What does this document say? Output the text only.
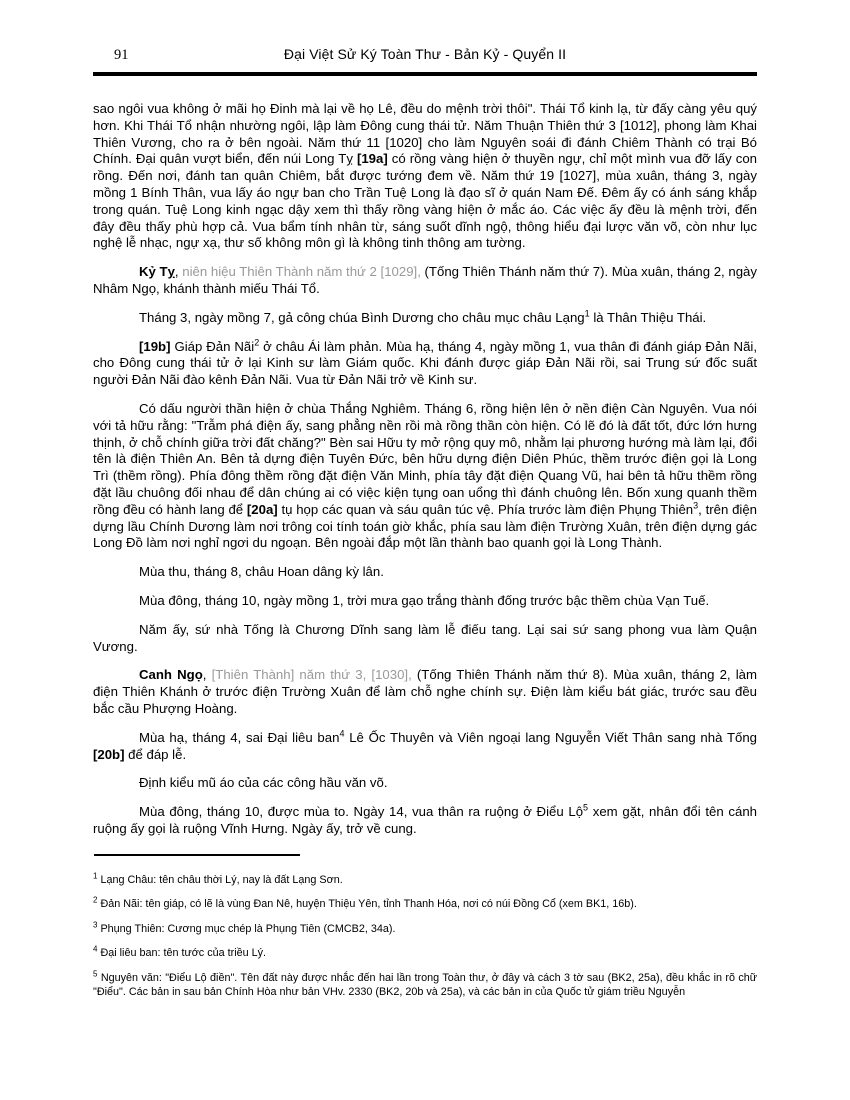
91	Đại Việt Sử Ký Toàn Thư - Bản Kỷ - Quyển II

sao ngôi vua không ở mãi họ Đinh mà lại về họ Lê, đều do mệnh trời thôi". Thái Tổ kinh lạ, từ đấy càng yêu quý hơn. Khi Thái Tổ nhận nhường ngôi, lập làm Đông cung thái tử. Năm Thuận Thiên thứ 3 [1012], phong làm Khai Thiên Vương, cho ra ở bên ngoài. Năm thứ 11 [1020] cho làm Nguyên soái đi đánh Chiêm Thành có trại Bó Chính. Đại quân vượt biển, đến núi Long Tỵ [19a] có rồng vàng hiện ở thuyền ngự, chỉ một mình vua đỡ lấy con rồng. Đến nơi, đánh tan quân Chiêm, bắt được tướng đem về. Năm thứ 19 [1027], mùa xuân, tháng 3, ngày mồng 1 Bính Thân, vua lấy áo ngự ban cho Trần Tuệ Long là đạo sĩ ở quán Nam Đế. Đêm ấy có ánh sáng khắp trong quán. Tuệ Long kinh ngạc dậy xem thì thấy rồng vàng hiện ở mắc áo. Các việc ấy đều là mệnh trời, đến đây đều thấy phù hợp cả. Vua bẩm tính nhân từ, sáng suốt dĩnh ngộ, thông hiểu đại lược văn võ, còn như lục nghệ lễ nhạc, ngự xạ, thư số không môn gì là không tinh thông am tường.

Kỷ Tỵ, niên hiệu Thiên Thành năm thứ 2 [1029], (Tống Thiên Thánh năm thứ 7). Mùa xuân, tháng 2, ngày Nhâm Ngọ, khánh thành miếu Thái Tổ.

Tháng 3, ngày mồng 7, gả công chúa Bình Dương cho châu mục châu Lạng$^1$ là Thân Thiệu Thái.

[19b] Giáp Đản Nãi$^2$ ở châu Ái làm phản. Mùa hạ, tháng 4, ngày mồng 1, vua thân đi đánh giáp Đản Nãi, cho Đông cung thái tử ở lại Kinh sư làm Giám quốc. Khi đánh được giáp Đản Nãi rồi, sai Trung sứ đốc suất người Đản Nãi đào kênh Đản Nãi. Vua từ Đản Nãi trở về Kinh sư.

Có dấu người thần hiện ở chùa Thắng Nghiêm. Tháng 6, rồng hiện lên ở nền điện Càn Nguyên. Vua nói với tả hữu rằng: "Trẫm phá điện ấy, sang phẳng nền rồi mà rồng thần còn hiện. Có lẽ đó là đất tốt, đức lớn hưng thịnh, ở chỗ chính giữa trời đất chăng?" Bèn sai Hữu ty mở rộng quy mô, nhằm lại phương hướng mà làm lại, đổi tên là điện Thiên An. Bên tả dựng điện Tuyên Đức, bên hữu dựng điện Diên Phúc, thềm trước điện gọi là Long Trì (thềm rồng). Phía đông thềm rồng đặt điện Văn Minh, phía tây đặt điện Quang Vũ, hai bên tả hữu thềm rồng đặt lầu chuông đối nhau để dân chúng ai có việc kiện tụng oan uổng thì đánh chuông lên. Bốn xung quanh thềm rồng đều có hành lang để [20a] tụ họp các quan và sáu quân túc vệ. Phía trước làm điện Phụng Thiên$^3$, trên điện dựng lầu Chính Dương làm nơi trông coi tính toán giờ khắc, phía sau làm điện Trường Xuân, trên điện dựng gác Long Đồ làm nơi nghỉ ngơi du ngoạn. Bên ngoài đắp một lần thành bao quanh gọi là Long Thành.

Mùa thu, tháng 8, châu Hoan dâng kỳ lân.

Mùa đông, tháng 10, ngày mồng 1, trời mưa gạo trắng thành đống trước bậc thềm chùa Vạn Tuế.

Năm ấy, sứ nhà Tống là Chương Dĩnh sang làm lễ điếu tang. Lại sai sứ sang phong vua làm Quận Vương.

Canh Ngọ, [Thiên Thành] năm thứ 3, [1030], (Tống Thiên Thánh năm thứ 8). Mùa xuân, tháng 2, làm điện Thiên Khánh ở trước điện Trường Xuân để làm chỗ nghe chính sự. Điện làm kiểu bát giác, trước sau đều bắc cầu Phượng Hoàng.

Mùa hạ, tháng 4, sai Đại liêu ban$^4$ Lê Ốc Thuyên và Viên ngoại lang Nguyễn Viết Thân sang nhà Tống [20b] để đáp lễ.

Định kiểu mũ áo của các công hầu văn võ.

Mùa đông, tháng 10, được mùa to. Ngày 14, vua thân ra ruộng ở Điểu Lộ$^5$ xem gặt, nhân đổi tên cánh ruộng ấy gọi là ruộng Vĩnh Hưng. Ngày ấy, trở về cung.

$^1$ Lạng Châu: tên châu thời Lý, nay là đất Lạng Sơn.

$^2$ Đản Nãi: tên giáp, có lẽ là vùng Đan Nê, huyện Thiệu Yên, tỉnh Thanh Hóa, nơi có núi Đồng Cổ (xem BK1, 16b).

$^3$ Phụng Thiên: Cương mục chép là Phụng Tiên (CMCB2, 34a).

$^4$ Đại liêu ban: tên tước của triều Lý.

$^5$ Nguyên văn: "Điểu Lộ điền". Tên đất này được nhắc đến hai lần trong Toàn thư, ở đây và cách 3 tờ sau (BK2, 25a), đều khắc in rõ chữ "Điểu". Các bản in sau bản Chính Hòa như bản VHv. 2330 (BK2, 20b và 25a), và các bản in của Quốc tử giám triều Nguyễn
